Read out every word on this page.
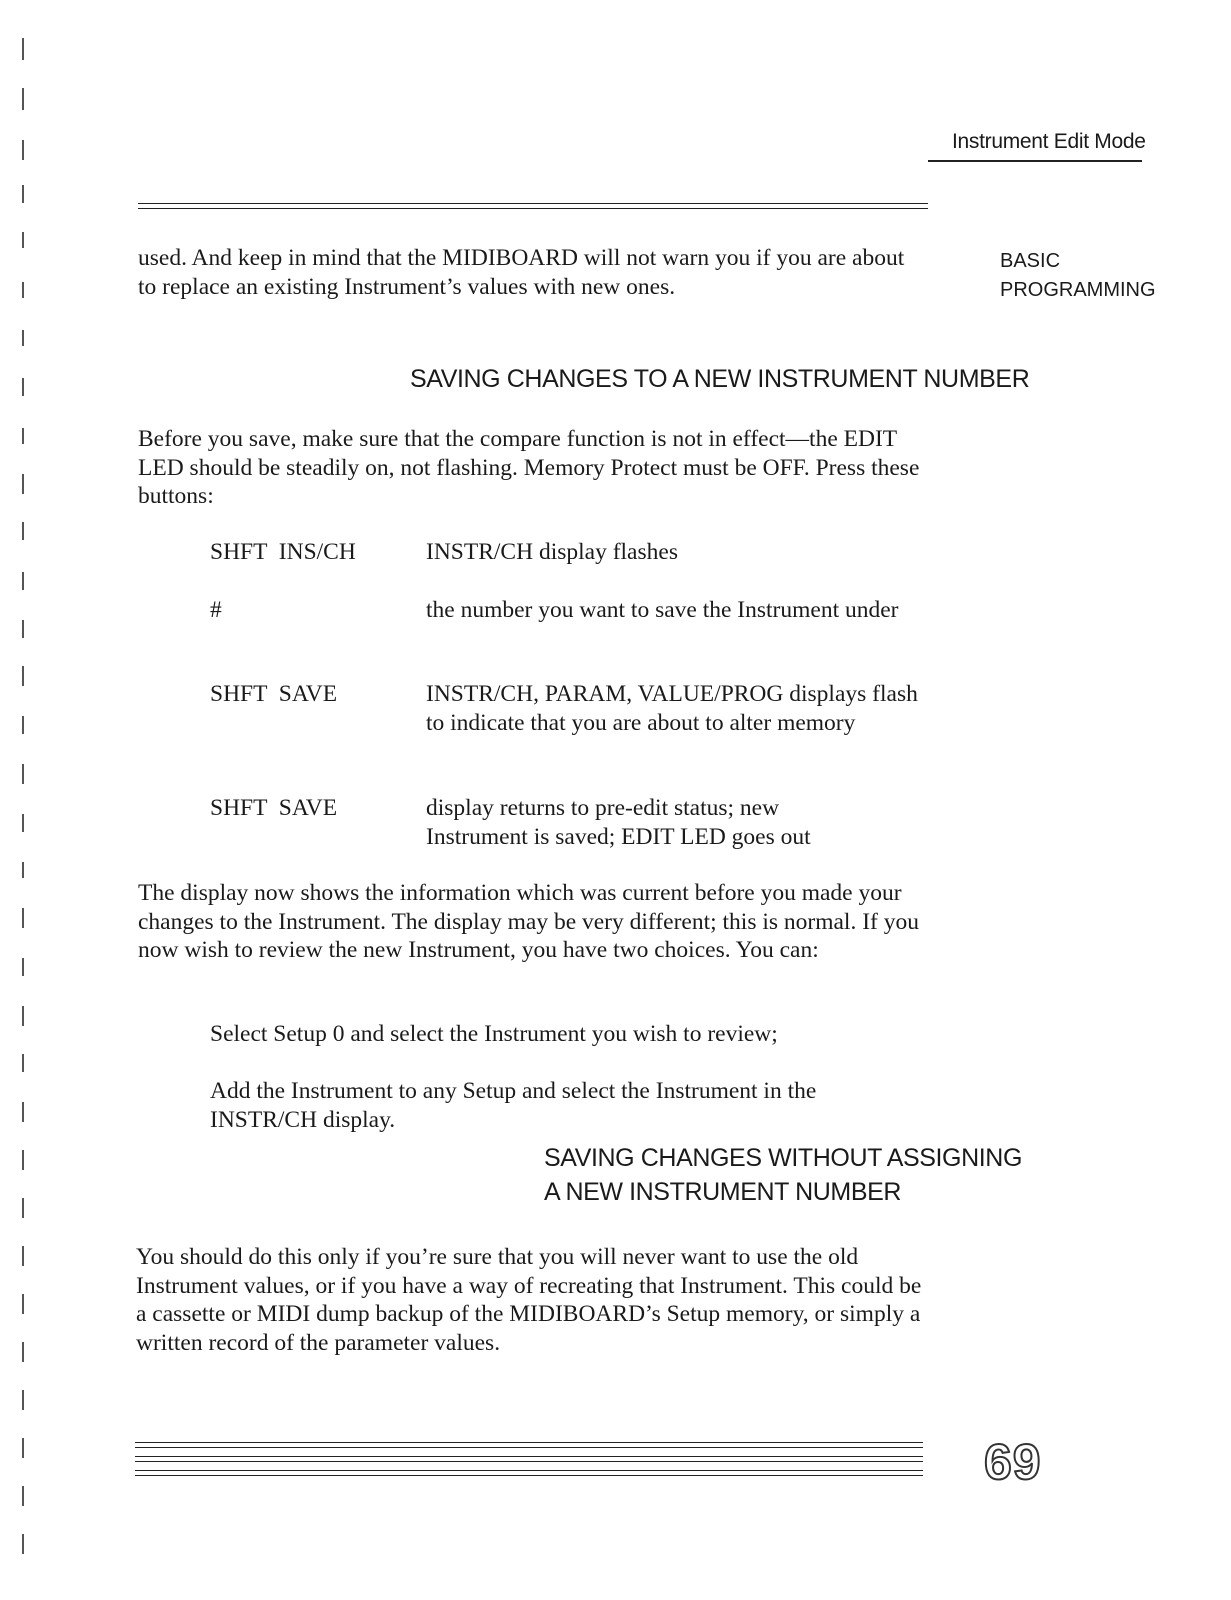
Instrument Edit Mode
BASIC
PROGRAMMING

used. And keep in mind that the MIDIBOARD will not warn you if you are about to replace an existing Instrument’s values with new ones.

SAVING CHANGES TO A NEW INSTRUMENT NUMBER

Before you save, make sure that the compare function is not in effect—the EDIT LED should be steadily on, not flashing. Memory Protect must be OFF. Press these buttons:

SHFT  INS/CH	INSTR/CH display flashes
#	the number you want to save the Instrument under
SHFT  SAVE	INSTR/CH, PARAM, VALUE/PROG displays flash to indicate that you are about to alter memory
SHFT  SAVE	display returns to pre-edit status; new Instrument is saved; EDIT LED goes out

The display now shows the information which was current before you made your changes to the Instrument. The display may be very different; this is normal. If you now wish to review the new Instrument, you have two choices. You can:

Select Setup 0 and select the Instrument you wish to review;

Add the Instrument to any Setup and select the Instrument in the INSTR/CH display.

SAVING CHANGES WITHOUT ASSIGNING
A NEW INSTRUMENT NUMBER

You should do this only if you’re sure that you will never want to use the old Instrument values, or if you have a way of recreating that Instrument. This could be a cassette or MIDI dump backup of the MIDIBOARD’s Setup memory, or simply a written record of the parameter values.

69
